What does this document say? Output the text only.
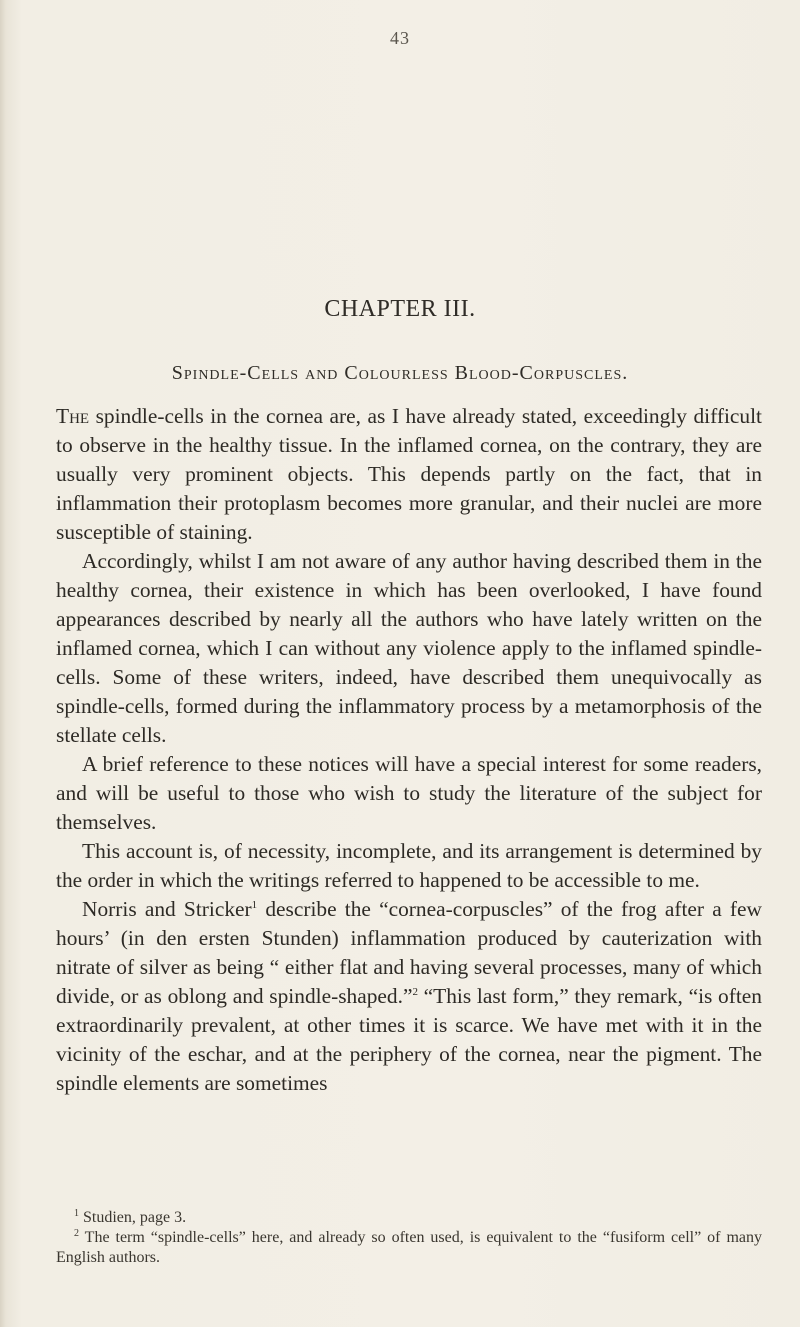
43
CHAPTER III.
Spindle-Cells and Colourless Blood-Corpuscles.

The spindle-cells in the cornea are, as I have already stated, exceedingly difficult to observe in the healthy tissue. In the inflamed cornea, on the contrary, they are usually very prominent objects. This depends partly on the fact, that in inflammation their protoplasm becomes more granular, and their nuclei are more susceptible of staining.

Accordingly, whilst I am not aware of any author having described them in the healthy cornea, their existence in which has been overlooked, I have found appearances described by nearly all the authors who have lately written on the inflamed cornea, which I can without any violence apply to the inflamed spindle-cells. Some of these writers, indeed, have described them unequivocally as spindle-cells, formed during the inflammatory process by a metamorphosis of the stellate cells.

A brief reference to these notices will have a special interest for some readers, and will be useful to those who wish to study the literature of the subject for themselves.

This account is, of necessity, incomplete, and its arrangement is determined by the order in which the writings referred to happened to be accessible to me.

Norris and Stricker$^1$ describe the “cornea-corpuscles” of the frog after a few hours’ (in den ersten Stunden) inflammation produced by cauterization with nitrate of silver as being “ either flat and having several processes, many of which divide, or as oblong and spindle-shaped.”$^2$ “This last form,” they remark, “is often extraordinarily prevalent, at other times it is scarce. We have met with it in the vicinity of the eschar, and at the periphery of the cornea, near the pigment. The spindle elements are sometimes

$^1$ Studien, page 3.

$^2$ The term “spindle-cells” here, and already so often used, is equivalent to the “fusiform cell” of many English authors.
